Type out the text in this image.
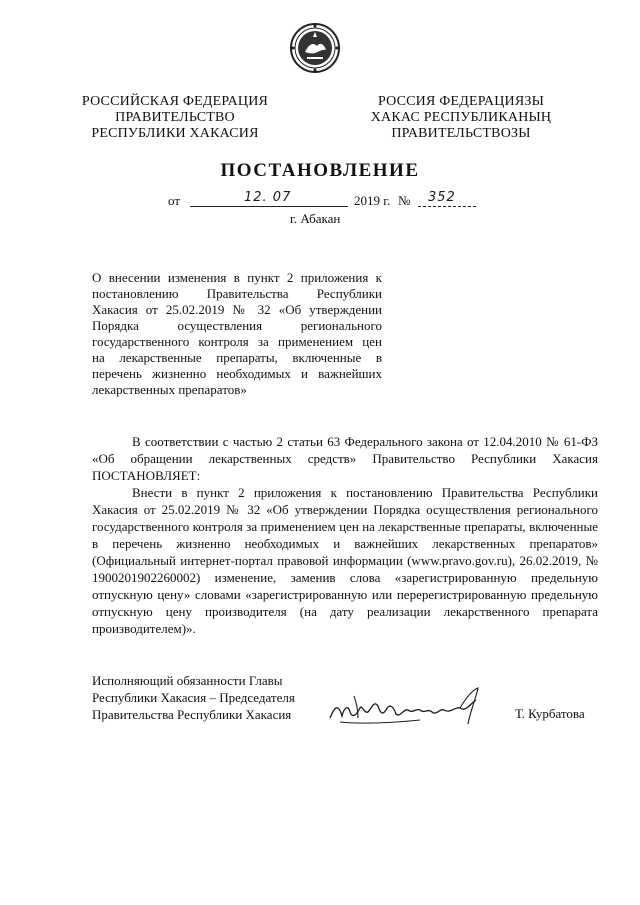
РОССИЙСКАЯ ФЕДЕРАЦИЯ
ПРАВИТЕЛЬСТВО
РЕСПУБЛИКИ ХАКАСИЯ
РОССИЯ ФЕДЕРАЦИЯЗЫ
ХАКАС РЕСПУБЛИКАНЫҢ
ПРАВИТЕЛЬСТВОЗЫ
ПОСТАНОВЛЕНИЕ
от	12. 07	2019 г. № 352
г. Абакан
О внесении изменения в пункт 2 приложения к
постановлению Правительства Республики
Хакасия от 25.02.2019 № 32 «Об утверждении
Порядка осуществления регионального
государственного контроля за применением цен
на лекарственные препараты, включенные в
перечень жизненно необходимых и важнейших
лекарственных препаратов»

В соответствии с частью 2 статьи 63 Федерального закона от 12.04.2010 № 61-ФЗ «Об обращении лекарственных средств» Правительство Республики Хакасия ПОСТАНОВЛЯЕТ:

Внести в пункт 2 приложения к постановлению Правительства Республики Хакасия от 25.02.2019 № 32 «Об утверждении Порядка осуществления регионального государственного контроля за применением цен на лекарственные препараты, включенные в перечень жизненно необходимых и важнейших лекарственных препаратов» (Официальный интернет-портал правовой информации (www.pravo.gov.ru), 26.02.2019, № 1900201902260002) изменение, заменив слова «зарегистрированную предельную отпускную цену» словами «зарегистрированную или перерегистрированную предельную отпускную цену производителя (на дату реализации лекарственного препарата производителем)».

Исполняющий обязанности Главы
Республики Хакасия – Председателя
Правительства Республики Хакасия	Т. Курбатова
